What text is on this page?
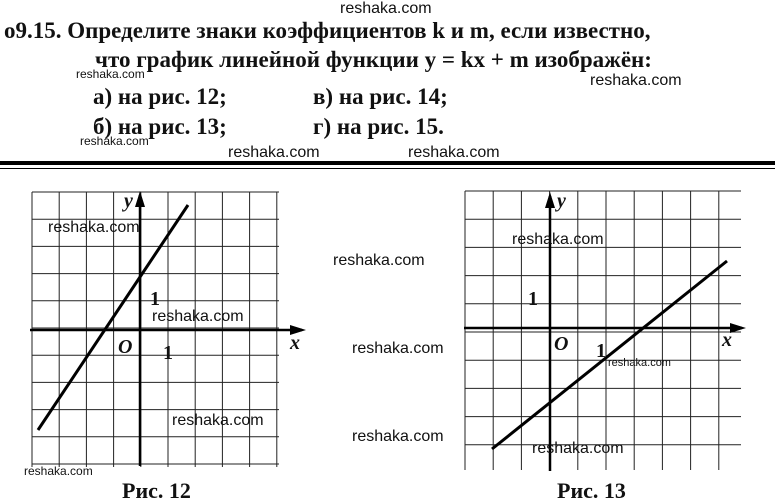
о9.15. Определите знаки коэффициентов k и m, если известно,
что график линейной функции y = kx + m изображён:
а) на рис. 12;	в) на рис. 14;
б) на рис. 13;	г) на рис. 15.
y
x
O 1
1
Рис. 12
y
x
O 1
1
Рис. 13
reshaka.com
reshaka.com	reshaka.com
reshaka.com
reshaka.com	reshaka.com
reshaka.com
reshaka.com
reshaka.com
reshaka.com
reshaka.com
reshaka.com
reshaka.com
reshaka.com
reshaka.com
reshaka.com
